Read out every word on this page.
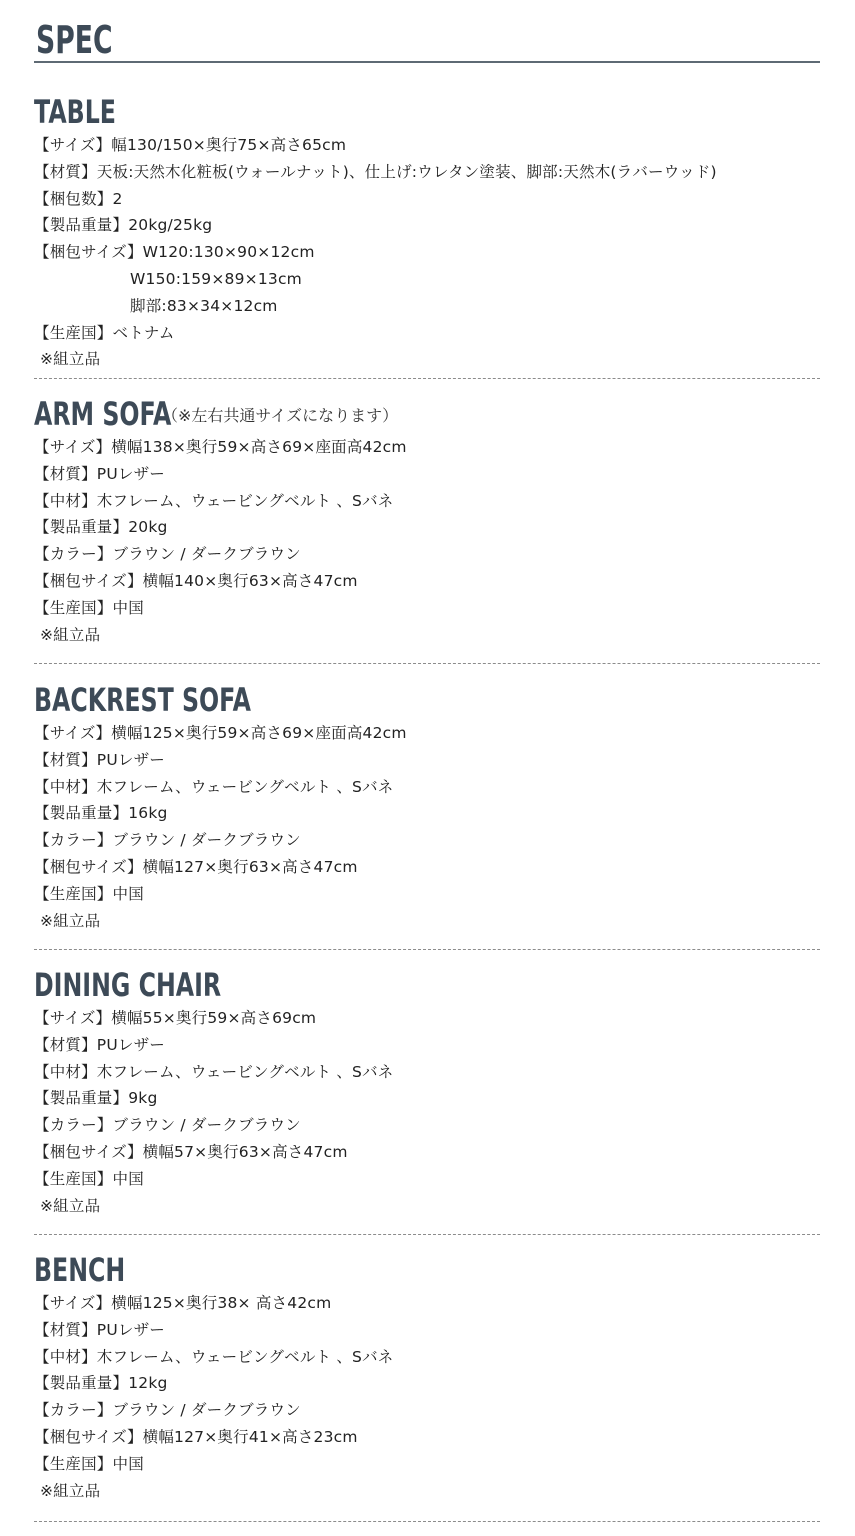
SPEC
TABLE
【サイズ】幅130/150×奥行75×高さ65cm
【材質】天板:天然木化粧板(ウォールナット)、仕上げ:ウレタン塗装、脚部:天然木(ラバーウッド)
【梱包数】2
【製品重量】20kg/25kg
【梱包サイズ】W120:130×90×12cm
W150:159×89×13cm
脚部:83×34×12cm
【生産国】ベトナム
※組立品
ARM SOFA
（※左右共通サイズになります）
【サイズ】横幅138×奥行59×高さ69×座面高42cm
【材質】PUレザー
【中材】木フレーム、ウェービングベルト 、Sバネ
【製品重量】20kg
【カラー】ブラウン / ダークブラウン
【梱包サイズ】横幅140×奥行63×高さ47cm
【生産国】中国
※組立品
BACKREST SOFA
【サイズ】横幅125×奥行59×高さ69×座面高42cm
【材質】PUレザー
【中材】木フレーム、ウェービングベルト 、Sバネ
【製品重量】16kg
【カラー】ブラウン / ダークブラウン
【梱包サイズ】横幅127×奥行63×高さ47cm
【生産国】中国
※組立品
DINING CHAIR
【サイズ】横幅55×奥行59×高さ69cm
【材質】PUレザー
【中材】木フレーム、ウェービングベルト 、Sバネ
【製品重量】9kg
【カラー】ブラウン / ダークブラウン
【梱包サイズ】横幅57×奥行63×高さ47cm
【生産国】中国
※組立品
BENCH
【サイズ】横幅125×奥行38× 高さ42cm
【材質】PUレザー
【中材】木フレーム、ウェービングベルト 、Sバネ
【製品重量】12kg
【カラー】ブラウン / ダークブラウン
【梱包サイズ】横幅127×奥行41×高さ23cm
【生産国】中国
※組立品
